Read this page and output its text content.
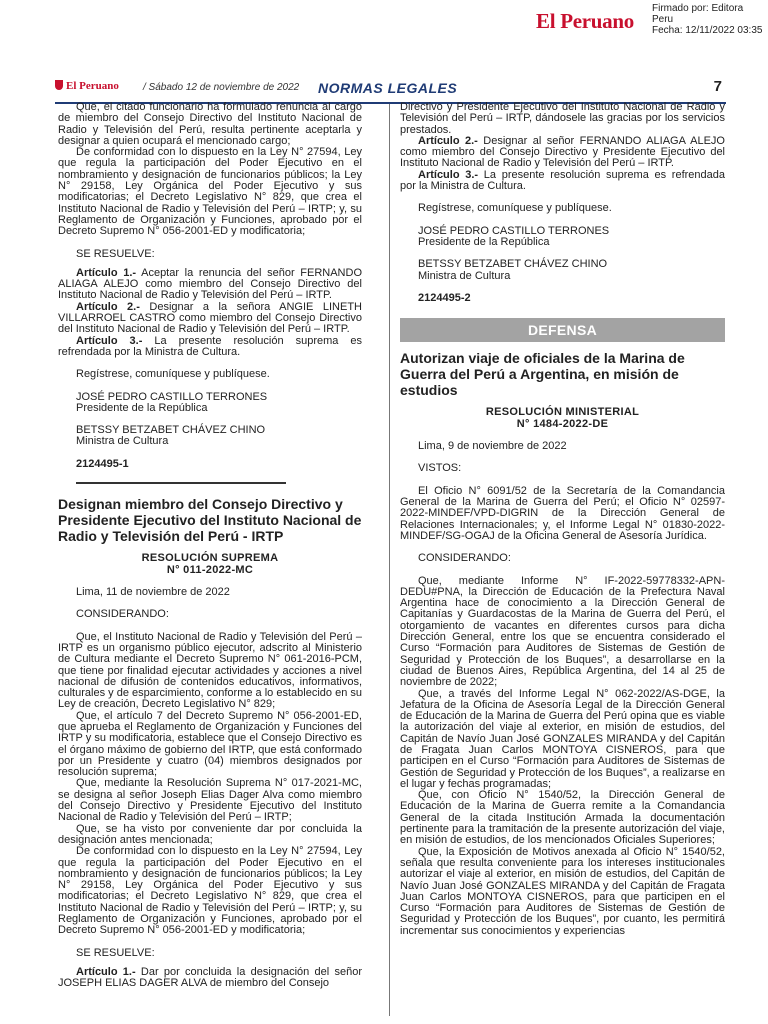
El Peruano
Firmado por: Editora
Peru
Fecha: 12/11/2022 03:35
El Peruano / Sábado 12 de noviembre de 2022 NORMAS LEGALES	7

Que, el citado funcionario ha formulado renuncia al cargo de miembro del Consejo Directivo del Instituto Nacional de Radio y Televisión del Perú, resulta pertinente aceptarla y designar a quien ocupará el mencionado cargo;

De conformidad con lo dispuesto en la Ley N° 27594, Ley que regula la participación del Poder Ejecutivo en el nombramiento y designación de funcionarios públicos; la Ley N° 29158, Ley Orgánica del Poder Ejecutivo y sus modificatorias; el Decreto Legislativo N° 829, que crea el Instituto Nacional de Radio y Televisión del Perú – IRTP; y, su Reglamento de Organización y Funciones, aprobado por el Decreto Supremo N° 056-2001-ED y modificatoria;

SE RESUELVE:

Artículo 1.- Aceptar la renuncia del señor FERNANDO ALIAGA ALEJO como miembro del Consejo Directivo del Instituto Nacional de Radio y Televisión del Perú – IRTP.

Artículo 2.- Designar a la señora ANGIE LINETH VILLARROEL CASTRO como miembro del Consejo Directivo del Instituto Nacional de Radio y Televisión del Perú – IRTP.

Artículo 3.- La presente resolución suprema es refrendada por la Ministra de Cultura.

Regístrese, comuníquese y publíquese.

JOSÉ PEDRO CASTILLO TERRONES

Presidente de la República

BETSSY BETZABET CHÁVEZ CHINO

Ministra de Cultura

2124495-1

Designan miembro del Consejo Directivo y Presidente Ejecutivo del Instituto Nacional de Radio y Televisión del Perú - IRTP
RESOLUCIÓN SUPREMA
N° 011-2022-MC

Lima, 11 de noviembre de 2022

CONSIDERANDO:

Que, el Instituto Nacional de Radio y Televisión del Perú – IRTP es un organismo público ejecutor, adscrito al Ministerio de Cultura mediante el Decreto Supremo N° 061-2016-PCM, que tiene por finalidad ejecutar actividades y acciones a nivel nacional de difusión de contenidos educativos, informativos, culturales y de esparcimiento, conforme a lo establecido en su Ley de creación, Decreto Legislativo N° 829;

Que, el artículo 7 del Decreto Supremo N° 056-2001-ED, que aprueba el Reglamento de Organización y Funciones del IRTP y su modificatoria, establece que el Consejo Directivo es el órgano máximo de gobierno del IRTP, que está conformado por un Presidente y cuatro (04) miembros designados por resolución suprema;

Que, mediante la Resolución Suprema N° 017-2021-MC, se designa al señor Joseph Elias Dager Alva como miembro del Consejo Directivo y Presidente Ejecutivo del Instituto Nacional de Radio y Televisión del Perú – IRTP;

Que, se ha visto por conveniente dar por concluida la designación antes mencionada;

De conformidad con lo dispuesto en la Ley N° 27594, Ley que regula la participación del Poder Ejecutivo en el nombramiento y designación de funcionarios públicos; la Ley N° 29158, Ley Orgánica del Poder Ejecutivo y sus modificatorias; el Decreto Legislativo N° 829, que crea el Instituto Nacional de Radio y Televisión del Perú – IRTP; y, su Reglamento de Organización y Funciones, aprobado por el Decreto Supremo N° 056-2001-ED y modificatoria;

SE RESUELVE:

Artículo 1.- Dar por concluida la designación del señor JOSEPH ELIAS DAGER ALVA de miembro del Consejo

Directivo y Presidente Ejecutivo del Instituto Nacional de Radio y Televisión del Perú – IRTP, dándosele las gracias por los servicios prestados.

Artículo 2.- Designar al señor FERNANDO ALIAGA ALEJO como miembro del Consejo Directivo y Presidente Ejecutivo del Instituto Nacional de Radio y Televisión del Perú – IRTP.

Artículo 3.- La presente resolución suprema es refrendada por la Ministra de Cultura.

Regístrese, comuníquese y publíquese.

JOSÉ PEDRO CASTILLO TERRONES

Presidente de la República

BETSSY BETZABET CHÁVEZ CHINO

Ministra de Cultura

2124495-2

DEFENSA
Autorizan viaje de oficiales de la Marina de Guerra del Perú a Argentina, en misión de estudios
RESOLUCIÓN MINISTERIAL
N° 1484-2022-DE

Lima, 9 de noviembre de 2022

VISTOS:

El Oficio N° 6091/52 de la Secretaría de la Comandancia General de la Marina de Guerra del Perú; el Oficio N° 02597-2022-MINDEF/VPD-DIGRIN de la Dirección General de Relaciones Internacionales; y, el Informe Legal N° 01830-2022-MINDEF/SG-OGAJ de la Oficina General de Asesoría Jurídica.

CONSIDERANDO:

Que, mediante Informe N° IF-2022-59778332-APN-DEDU#PNA, la Dirección de Educación de la Prefectura Naval Argentina hace de conocimiento a la Dirección General de Capitanías y Guardacostas de la Marina de Guerra del Perú, el otorgamiento de vacantes en diferentes cursos para dicha Dirección General, entre los que se encuentra considerado el Curso “Formación para Auditores de Sistemas de Gestión de Seguridad y Protección de los Buques”, a desarrollarse en la ciudad de Buenos Aires, República Argentina, del 14 al 25 de noviembre de 2022;

Que, a través del Informe Legal N° 062-2022/AS-DGE, la Jefatura de la Oficina de Asesoría Legal de la Dirección General de Educación de la Marina de Guerra del Perú opina que es viable la autorización del viaje al exterior, en misión de estudios, del Capitán de Navío Juan José GONZALES MIRANDA y del Capitán de Fragata Juan Carlos MONTOYA CISNEROS, para que participen en el Curso “Formación para Auditores de Sistemas de Gestión de Seguridad y Protección de los Buques”, a realizarse en el lugar y fechas programadas;

Que, con Oficio N° 1540/52, la Dirección General de Educación de la Marina de Guerra remite a la Comandancia General de la citada Institución Armada la documentación pertinente para la tramitación de la presente autorización del viaje, en misión de estudios, de los mencionados Oficiales Superiores;

Que, la Exposición de Motivos anexada al Oficio N° 1540/52, señala que resulta conveniente para los intereses institucionales autorizar el viaje al exterior, en misión de estudios, del Capitán de Navío Juan José GONZALES MIRANDA y del Capitán de Fragata Juan Carlos MONTOYA CISNEROS, para que participen en el Curso “Formación para Auditores de Sistemas de Gestión de Seguridad y Protección de los Buques”, por cuanto, les permitirá incrementar sus conocimientos y experiencias
